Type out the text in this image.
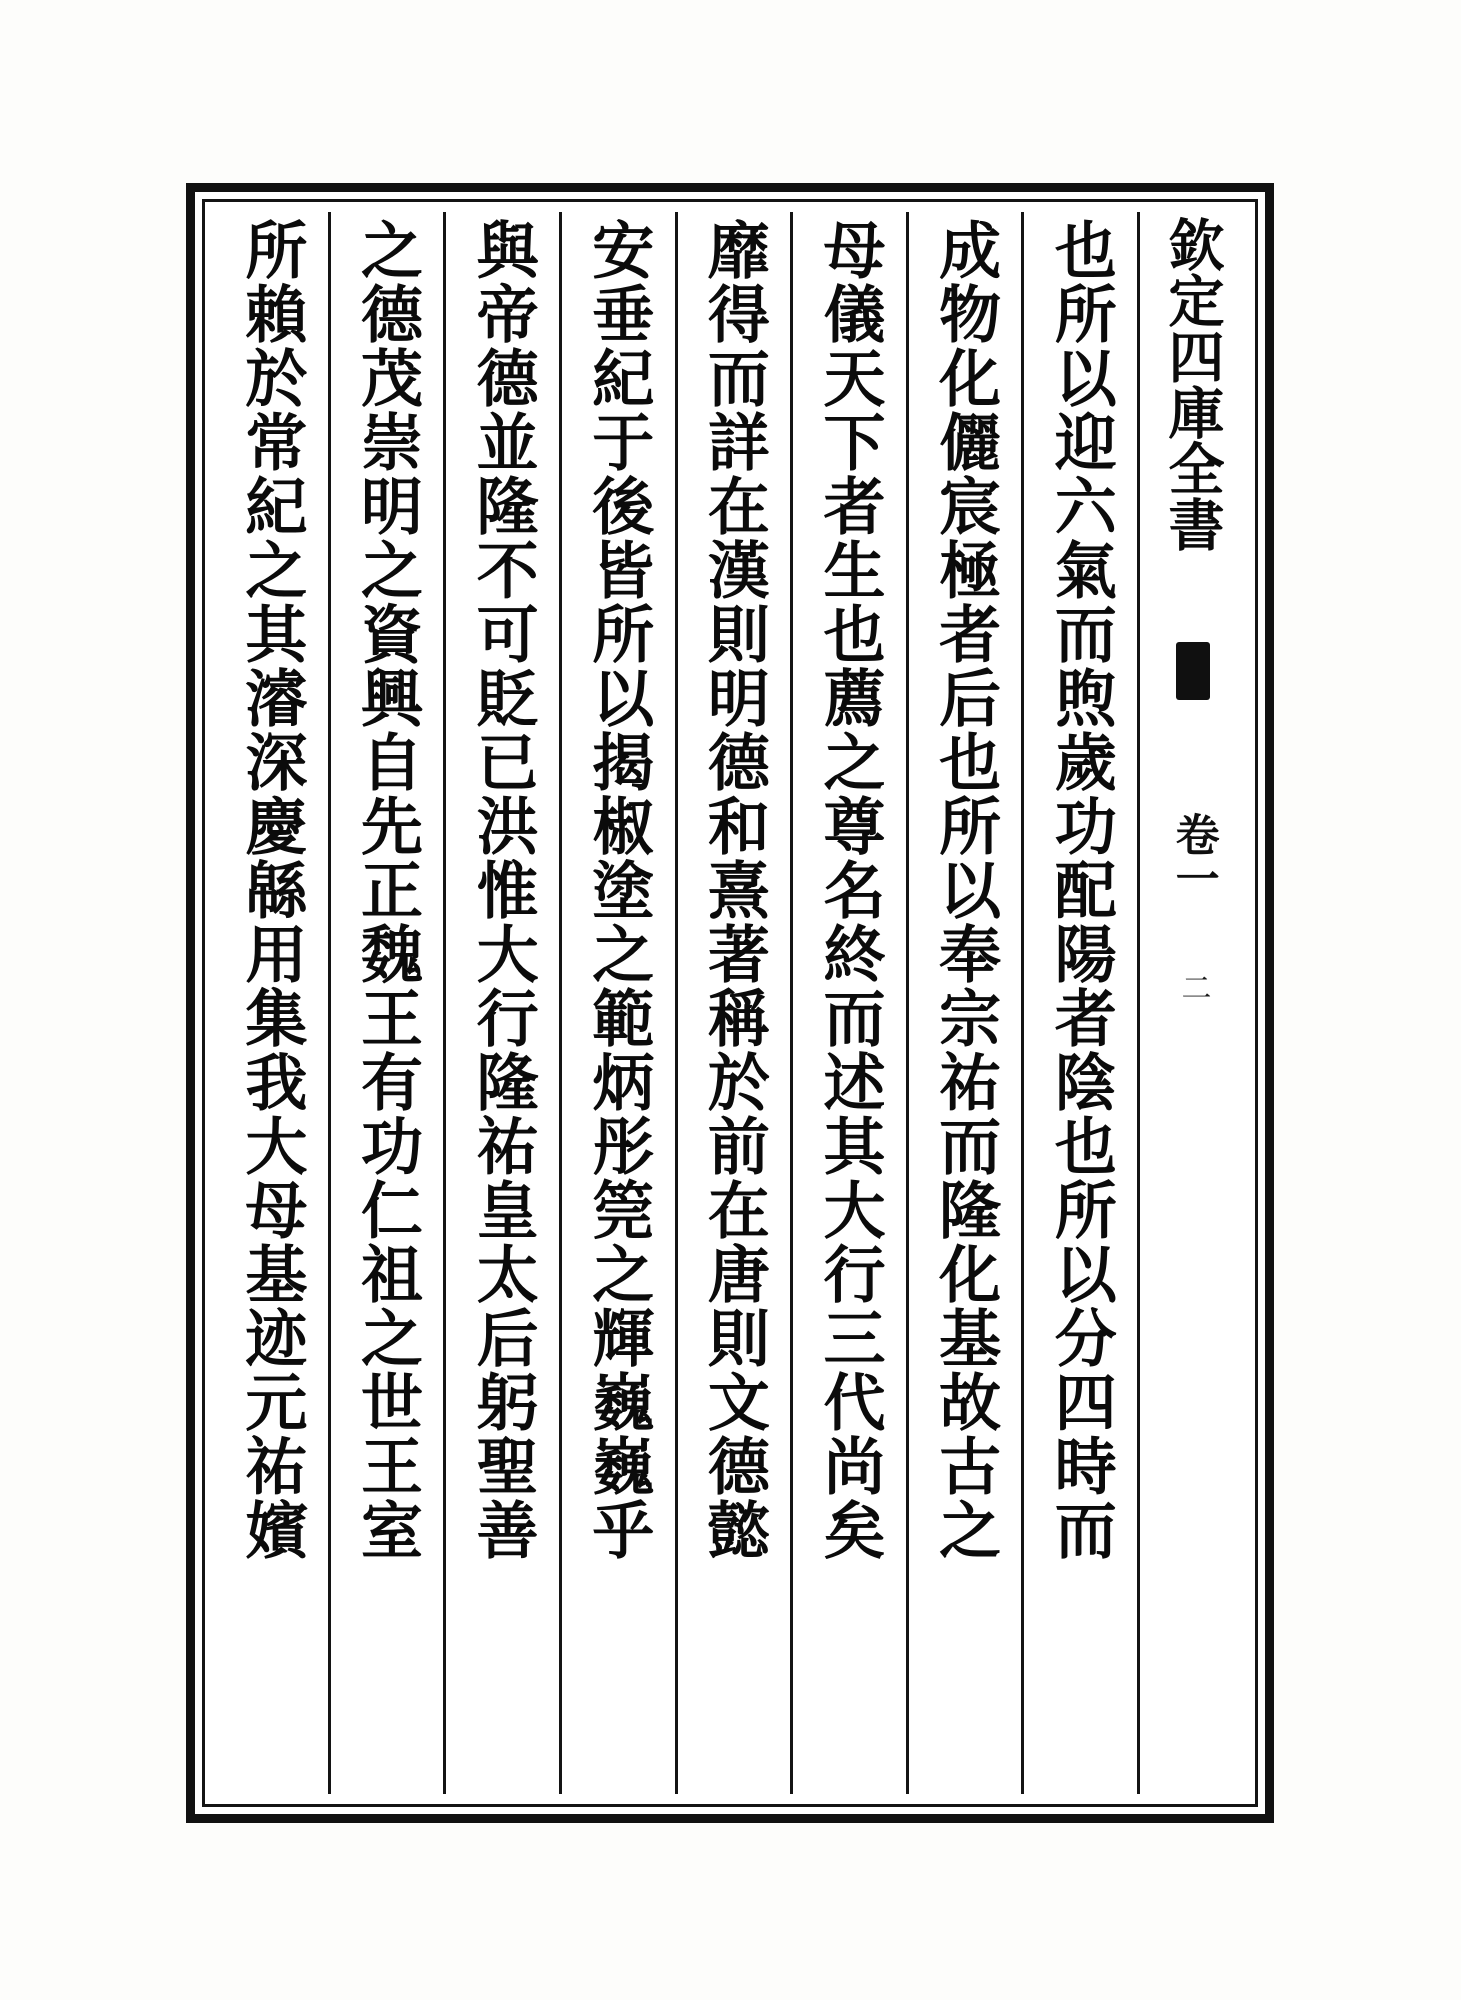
欽定四庫全書
卷一
二
也所以迎六氣而煦歲功配陽者陰也所以分四時而
成物化儷宸極者后也所以奉宗祐而隆化基故古之
母儀天下者生也薦之尊名終而述其大行三代尚矣
靡得而詳在漢則明德和熹著稱於前在唐則文德懿
安垂紀于後皆所以揭椒塗之範炳彤筦之輝巍巍乎
與帝德並隆不可貶已洪惟大行隆祐皇太后躬聖善
之德茂崇明之資興自先正魏王有功仁祖之世王室
所賴於常紀之其濬深慶緜用集我大母基迹元祐嬪
